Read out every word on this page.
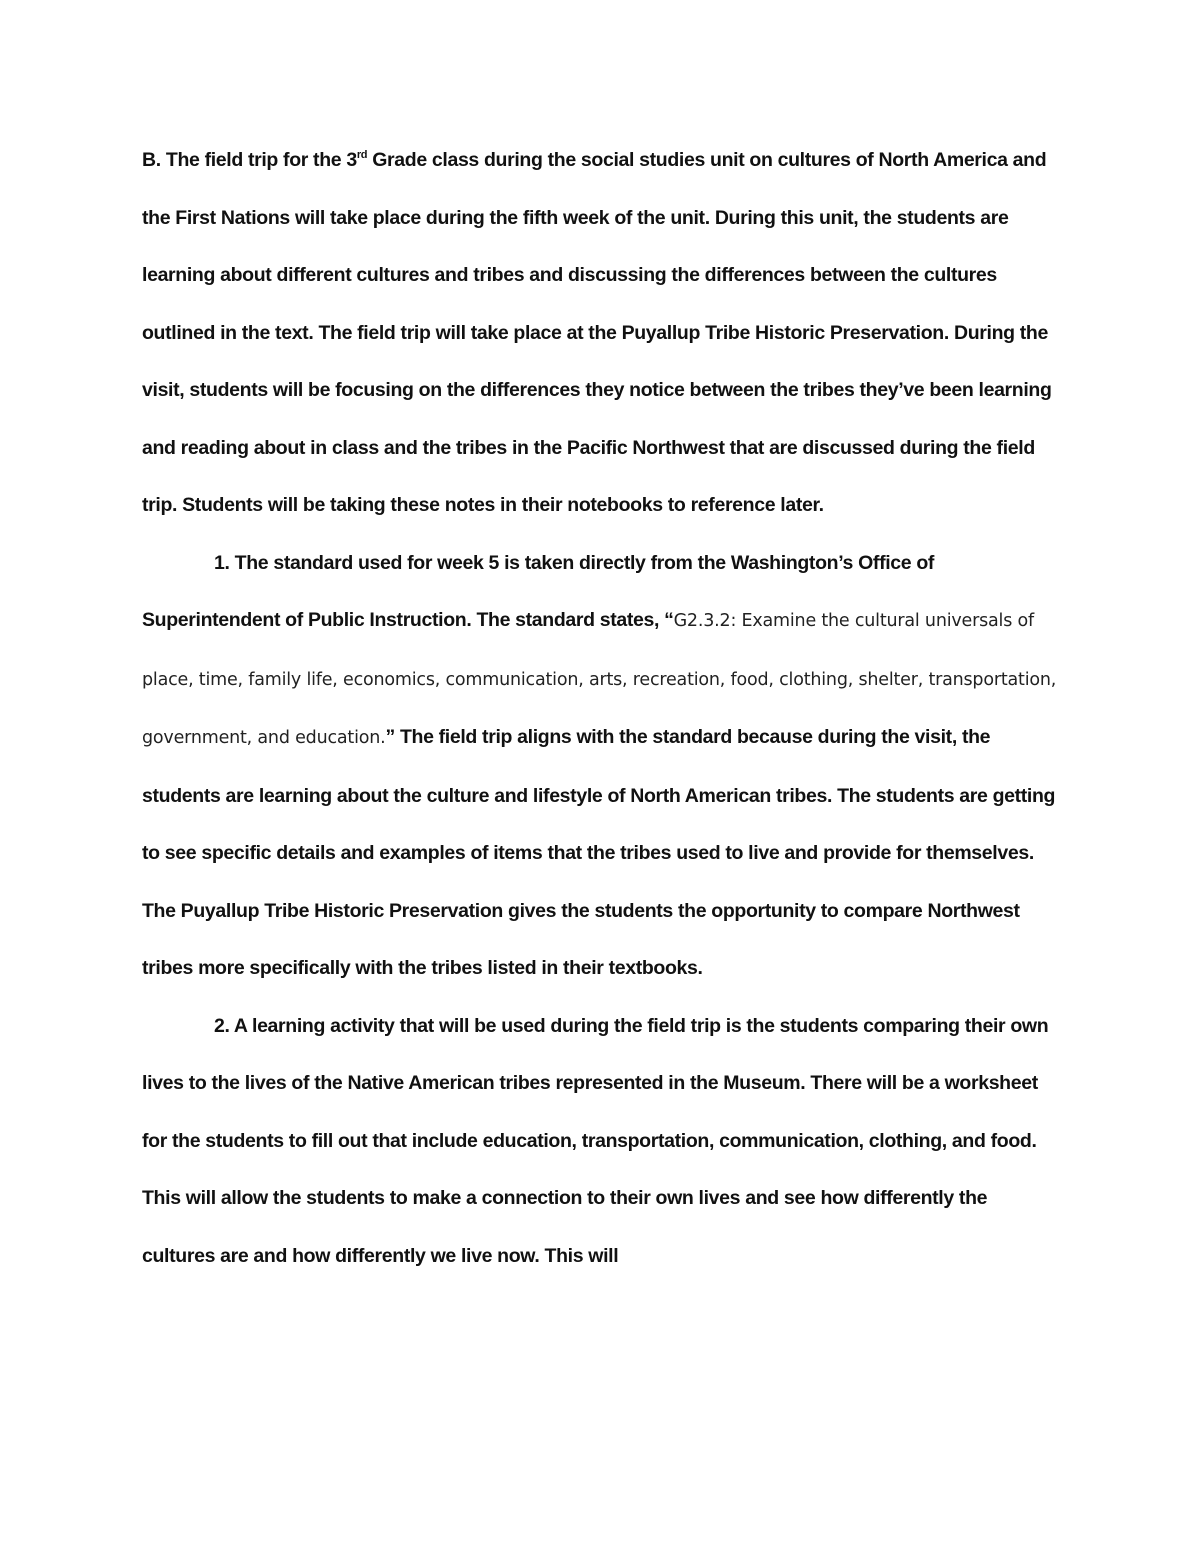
B. The field trip for the 3rd Grade class during the social studies unit on cultures of North America and the First Nations will take place during the fifth week of the unit. During this unit, the students are learning about different cultures and tribes and discussing the differences between the cultures outlined in the text. The field trip will take place at the Puyallup Tribe Historic Preservation. During the visit, students will be focusing on the differences they notice between the tribes they’ve been learning and reading about in class and the tribes in the Pacific Northwest that are discussed during the field trip. Students will be taking these notes in their notebooks to reference later.

1. The standard used for week 5 is taken directly from the Washington’s Office of Superintendent of Public Instruction. The standard states, “G2.3.2: Examine the cultural universals of place, time, family life, economics, communication, arts, recreation, food, clothing, shelter, transportation, government, and education.” The field trip aligns with the standard because during the visit, the students are learning about the culture and lifestyle of North American tribes. The students are getting to see specific details and examples of items that the tribes used to live and provide for themselves. The Puyallup Tribe Historic Preservation gives the students the opportunity to compare Northwest tribes more specifically with the tribes listed in their textbooks.

2. A learning activity that will be used during the field trip is the students comparing their own lives to the lives of the Native American tribes represented in the Museum. There will be a worksheet for the students to fill out that include education, transportation, communication, clothing, and food. This will allow the students to make a connection to their own lives and see how differently the cultures are and how differently we live now. This will
